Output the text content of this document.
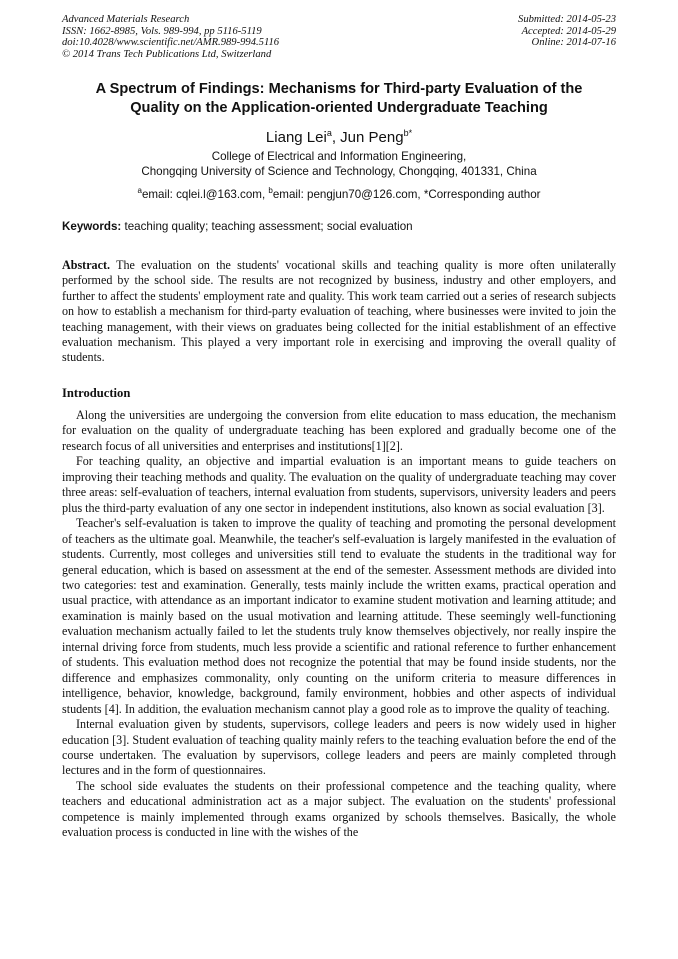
Advanced Materials Research
ISSN: 1662-8985, Vols. 989-994, pp 5116-5119
doi:10.4028/www.scientific.net/AMR.989-994.5116
© 2014 Trans Tech Publications Ltd, Switzerland
Submitted: 2014-05-23
Accepted: 2014-05-29
Online: 2014-07-16
A Spectrum of Findings: Mechanisms for Third-party Evaluation of the
Quality on the Application-oriented Undergraduate Teaching
Liang Lei$^a$, Jun Peng$^{b*}$
College of Electrical and Information Engineering,
Chongqing University of Science and Technology, Chongqing, 401331, China
$^a$email: cqlei.l@163.com, $^b$email: pengjun70@126.com, *Corresponding author
Keywords: teaching quality; teaching assessment; social evaluation
Abstract. The evaluation on the students' vocational skills and teaching quality is more often unilaterally performed by the school side. The results are not recognized by business, industry and other employers, and further to affect the students' employment rate and quality. This work team carried out a series of research subjects on how to establish a mechanism for third-party evaluation of teaching, where businesses were invited to join the teaching management, with their views on graduates being collected for the initial establishment of an effective evaluation mechanism. This played a very important role in exercising and improving the overall quality of students.
Introduction

Along the universities are undergoing the conversion from elite education to mass education, the mechanism for evaluation on the quality of undergraduate teaching has been explored and gradually become one of the research focus of all universities and enterprises and institutions[1][2].

For teaching quality, an objective and impartial evaluation is an important means to guide teachers on improving their teaching methods and quality. The evaluation on the quality of undergraduate teaching may cover three areas: self-evaluation of teachers, internal evaluation from students, supervisors, university leaders and peers plus the third-party evaluation of any one sector in independent institutions, also known as social evaluation [3].

Teacher's self-evaluation is taken to improve the quality of teaching and promoting the personal development of teachers as the ultimate goal. Meanwhile, the teacher's self-evaluation is largely manifested in the evaluation of students. Currently, most colleges and universities still tend to evaluate the students in the traditional way for general education, which is based on assessment at the end of the semester. Assessment methods are divided into two categories: test and examination. Generally, tests mainly include the written exams, practical operation and usual practice, with attendance as an important indicator to examine student motivation and learning attitude; and examination is mainly based on the usual motivation and learning attitude. These seemingly well-functioning evaluation mechanism actually failed to let the students truly know themselves objectively, nor really inspire the internal driving force from students, much less provide a scientific and rational reference to further enhancement of students. This evaluation method does not recognize the potential that may be found inside students, nor the difference and emphasizes commonality, only counting on the uniform criteria to measure differences in intelligence, behavior, knowledge, background, family environment, hobbies and other aspects of individual students [4]. In addition, the evaluation mechanism cannot play a good role as to improve the quality of teaching.

Internal evaluation given by students, supervisors, college leaders and peers is now widely used in higher education [3]. Student evaluation of teaching quality mainly refers to the teaching evaluation before the end of the course undertaken. The evaluation by supervisors, college leaders and peers are mainly completed through lectures and in the form of questionnaires.

The school side evaluates the students on their professional competence and the teaching quality, where teachers and educational administration act as a major subject. The evaluation on the students' professional competence is mainly implemented through exams organized by schools themselves. Basically, the whole evaluation process is conducted in line with the wishes of the
